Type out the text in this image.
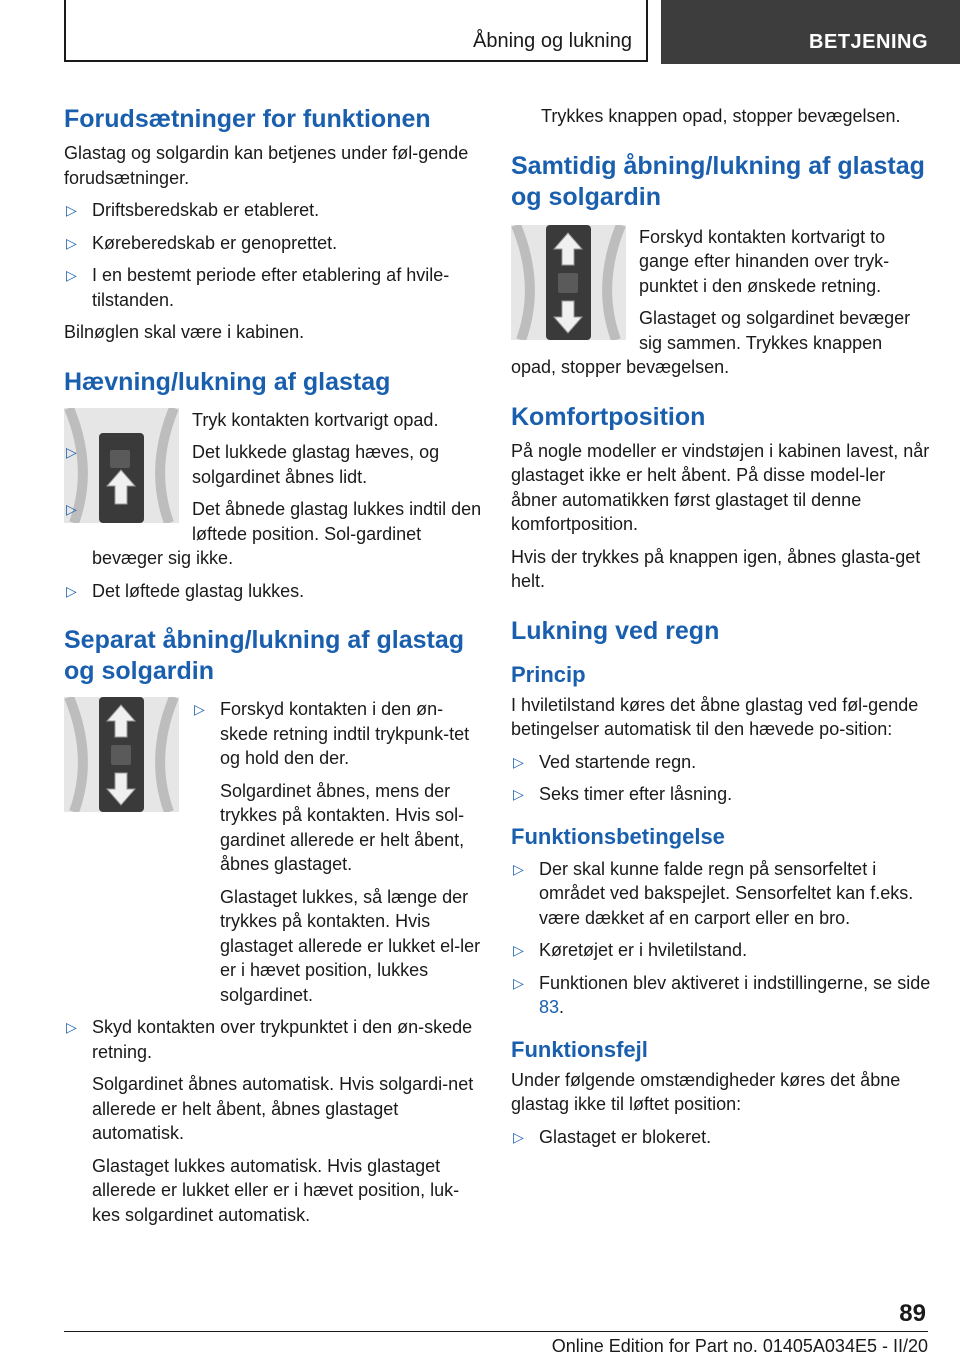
Åbning og lukning	BETJENING
Forudsætninger for funktionen

Glastag og solgardin kan betjenes under føl-gende forudsætninger.

▷ Driftsberedskab er etableret.
▷ Køreberedskab er genoprettet.
▷ I en bestemt periode efter etablering af hvile-tilstanden.

Bilnøglen skal være i kabinen.

Hævning/lukning af glastag

Tryk kontakten kortvarigt opad.

▷	Det lukkede glastag hæves, og solgardinet åbnes lidt.
▷	Det åbnede glastag lukkes indtil den løftede position. Sol-gardinet bevæger sig ikke.
▷ Det løftede glastag lukkes.
Separat åbning/lukning af glastag og solgardin
▷ Forskyd kontakten i den øn-skede retning indtil trykpunk-tet og hold den der.

Solgardinet åbnes, mens der trykkes på kontakten. Hvis sol-gardinet allerede er helt åbent, åbnes glastaget.

Glastaget lukkes, så længe der trykkes på kontakten. Hvis glastaget allerede er lukket el-ler er i hævet position, lukkes solgardinet.

▷ Skyd kontakten over trykpunktet i den øn-skede retning.

Solgardinet åbnes automatisk. Hvis solgardi-net allerede er helt åbent, åbnes glastaget automatisk.

Glastaget lukkes automatisk. Hvis glastaget allerede er lukket eller er i hævet position, luk-kes solgardinet automatisk.

Trykkes knappen opad, stopper bevægelsen.

Samtidig åbning/lukning af glastag og solgardin

Forskyd kontakten kortvarigt to gange efter hinanden over tryk-punktet i den ønskede retning.

Glastaget og solgardinet bevæger sig sammen. Trykkes knappen opad, stopper bevægelsen.

Komfortposition

På nogle modeller er vindstøjen i kabinen lavest, når glastaget ikke er helt åbent. På disse model-ler åbner automatikken først glastaget til denne komfortposition.

Hvis der trykkes på knappen igen, åbnes glasta-get helt.

Lukning ved regn
Princip

I hviletilstand køres det åbne glastag ved føl-gende betingelser automatisk til den hævede po-sition:

▷ Ved startende regn.
▷ Seks timer efter låsning.
Funktionsbetingelse
▷ Der skal kunne falde regn på sensorfeltet i området ved bakspejlet. Sensorfeltet kan f.eks. være dækket af en carport eller en bro.
▷ Køretøjet er i hviletilstand.
▷ Funktionen blev aktiveret i indstillingerne, se side 83.
Funktionsfejl

Under følgende omstændigheder køres det åbne glastag ikke til løftet position:

▷ Glastaget er blokeret.
89
Online Edition for Part no. 01405A034E5 - II/20
